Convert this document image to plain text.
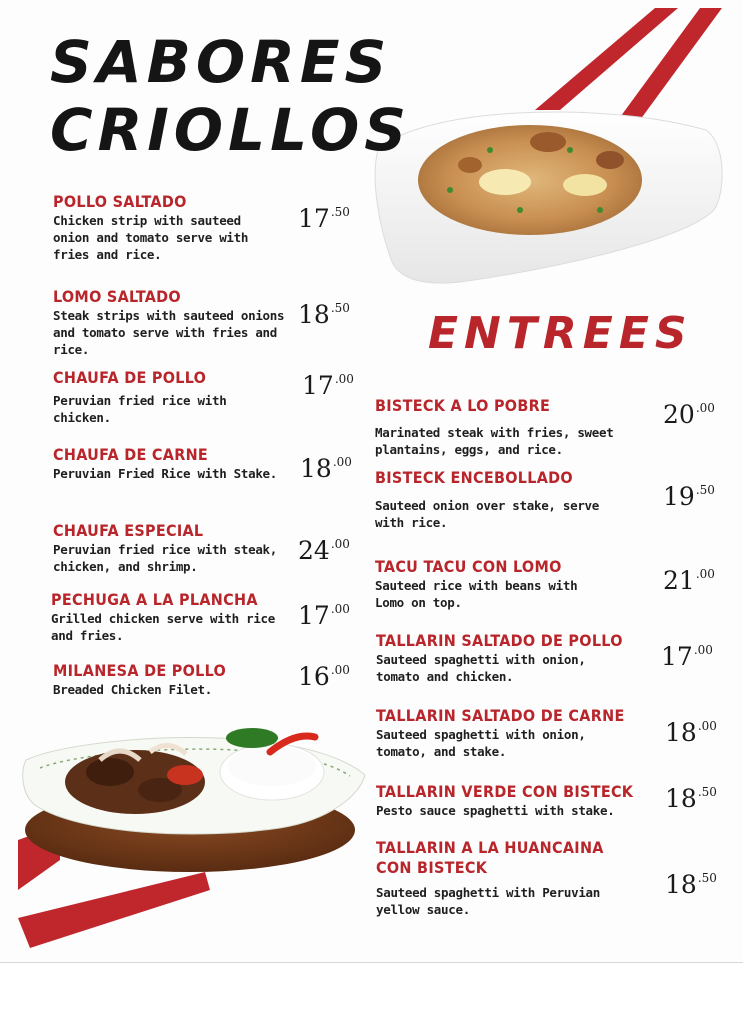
SABORES
CRIOLLOS
ENTREES
POLLO SALTADO
Chicken strip with sauteed onion and tomato serve with fries and rice.
$17^{.50}$
LOMO SALTADO
Steak strips with sauteed onions and tomato serve with fries and rice.
$18^{.50}$
CHAUFA DE POLLO
Peruvian fried rice with chicken.
$17^{.00}$
CHAUFA DE CARNE
Peruvian Fried Rice with Stake. $18^{.00}$
CHAUFA ESPECIAL
Peruvian fried rice with steak, chicken, and shrimp.
$24^{.00}$
PECHUGA A LA PLANCHA
Grilled chicken serve with rice and fries.
$17^{.00}$
MILANESA DE POLLO
Breaded Chicken Filet.	$16^{.00}$
BISTECK A LO POBRE
Marinated steak with fries, sweet plantains, eggs, and rice.
$20^{.00}$
BISTECK ENCEBOLLADO
Sauteed onion over stake, serve with rice.
$19^{.50}$
TACU TACU CON LOMO
Sauteed rice with beans with Lomo on top.
$21^{.00}$
TALLARIN SALTADO DE POLLO
Sauteed spaghetti with onion, tomato and chicken.
$17^{.00}$
TALLARIN SALTADO DE CARNE
Sauteed spaghetti with onion, tomato, and stake.
$18^{.00}$
TALLARIN VERDE CON BISTECK
Pesto sauce spaghetti with stake.	$18^{.50}$
TALLARIN A LA HUANCAINA CON BISTECK
Sauteed spaghetti with Peruvian yellow sauce.
$18^{.50}$
